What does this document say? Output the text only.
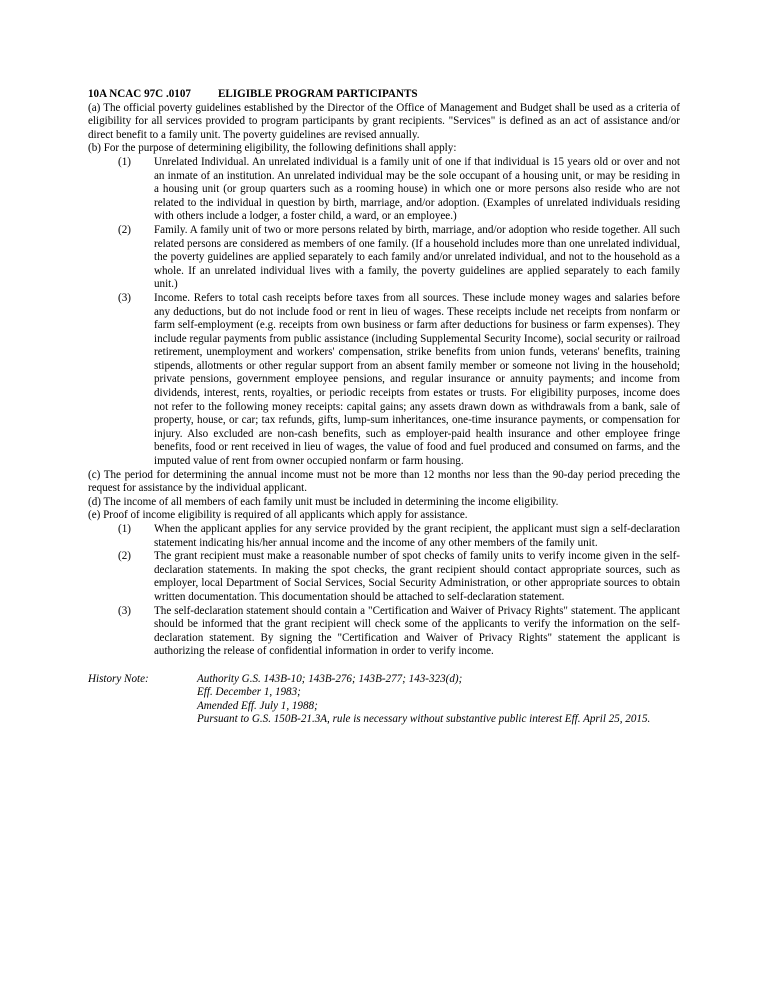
10A NCAC 97C .0107 ELIGIBLE PROGRAM PARTICIPANTS
(a) The official poverty guidelines established by the Director of the Office of Management and Budget shall be used as a criteria of eligibility for all services provided to program participants by grant recipients. "Services" is defined as an act of assistance and/or direct benefit to a family unit. The poverty guidelines are revised annually.
(b) For the purpose of determining eligibility, the following definitions shall apply:
(1) Unrelated Individual. An unrelated individual is a family unit of one if that individual is 15 years old or over and not an inmate of an institution. An unrelated individual may be the sole occupant of a housing unit, or may be residing in a housing unit (or group quarters such as a rooming house) in which one or more persons also reside who are not related to the individual in question by birth, marriage, and/or adoption. (Examples of unrelated individuals residing with others include a lodger, a foster child, a ward, or an employee.)
(2) Family. A family unit of two or more persons related by birth, marriage, and/or adoption who reside together. All such related persons are considered as members of one family. (If a household includes more than one unrelated individual, the poverty guidelines are applied separately to each family and/or unrelated individual, and not to the household as a whole. If an unrelated individual lives with a family, the poverty guidelines are applied separately to each family unit.)
(3) Income. Refers to total cash receipts before taxes from all sources. These include money wages and salaries before any deductions, but do not include food or rent in lieu of wages. These receipts include net receipts from nonfarm or farm self-employment (e.g. receipts from own business or farm after deductions for business or farm expenses). They include regular payments from public assistance (including Supplemental Security Income), social security or railroad retirement, unemployment and workers' compensation, strike benefits from union funds, veterans' benefits, training stipends, allotments or other regular support from an absent family member or someone not living in the household; private pensions, government employee pensions, and regular insurance or annuity payments; and income from dividends, interest, rents, royalties, or periodic receipts from estates or trusts. For eligibility purposes, income does not refer to the following money receipts: capital gains; any assets drawn down as withdrawals from a bank, sale of property, house, or car; tax refunds, gifts, lump-sum inheritances, one-time insurance payments, or compensation for injury. Also excluded are non-cash benefits, such as employer-paid health insurance and other employee fringe benefits, food or rent received in lieu of wages, the value of food and fuel produced and consumed on farms, and the imputed value of rent from owner occupied nonfarm or farm housing.
(c) The period for determining the annual income must not be more than 12 months nor less than the 90-day period preceding the request for assistance by the individual applicant.
(d) The income of all members of each family unit must be included in determining the income eligibility.
(e) Proof of income eligibility is required of all applicants which apply for assistance.
(1) When the applicant applies for any service provided by the grant recipient, the applicant must sign a self-declaration statement indicating his/her annual income and the income of any other members of the family unit.
(2) The grant recipient must make a reasonable number of spot checks of family units to verify income given in the self-declaration statements. In making the spot checks, the grant recipient should contact appropriate sources, such as employer, local Department of Social Services, Social Security Administration, or other appropriate sources to obtain written documentation. This documentation should be attached to self-declaration statement.
(3) The self-declaration statement should contain a "Certification and Waiver of Privacy Rights" statement. The applicant should be informed that the grant recipient will check some of the applicants to verify the information on the self-declaration statement. By signing the "Certification and Waiver of Privacy Rights" statement the applicant is authorizing the release of confidential information in order to verify income.
History Note:	Authority G.S. 143B-10; 143B-276; 143B-277; 143-323(d);
Eff. December 1, 1983;
Amended Eff. July 1, 1988;
Pursuant to G.S. 150B-21.3A, rule is necessary without substantive public interest Eff. April 25, 2015.
